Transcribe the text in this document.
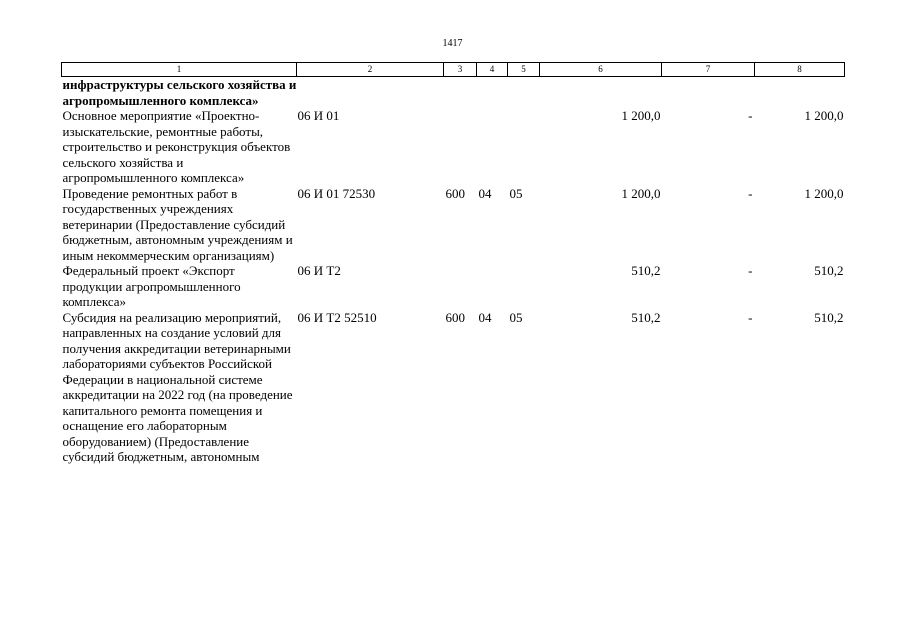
1417
1	2	3	4	5	6	7	8
инфраструктуры сельского хозяйства и агропромышленного комплекса»							
Основное мероприятие «Проектно-изыскательские, ремонтные работы, строительство и реконструкция объектов сельского хозяйства и агропромышленного комплекса»	06 И 01				1 200,0	-	1 200,0
Проведение ремонтных работ в государственных учреждениях ветеринарии (Предоставление субсидий бюджетным, автономным учреждениям и иным некоммерческим организациям)	06 И 01 72530	600	04	05	1 200,0	-	1 200,0
Федеральный проект «Экспорт продукции агропромышленного комплекса»	06 И T2				510,2	-	510,2
Субсидия на реализацию мероприятий, направленных на создание условий для получения аккредитации ветеринарными лабораториями субъектов Российской Федерации в национальной системе аккредитации на 2022 год (на проведение капитального ремонта помещения и оснащение его лабораторным оборудованием) (Предоставление субсидий бюджетным, автономным	06 И T2 52510	600	04	05	510,2	-	510,2
